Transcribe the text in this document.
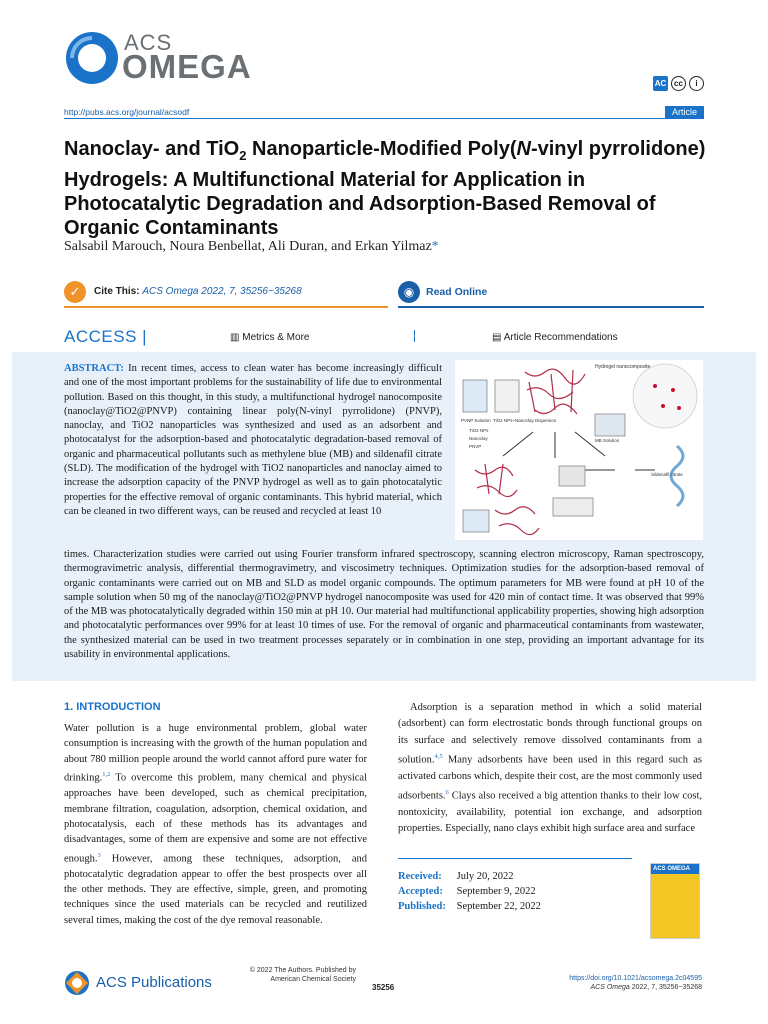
ACS
OMEGA	AC cc	i
http://pubs.acs.org/journal/acsodf	Article
Nanoclay- and TiO$_2$ Nanoparticle-Modified Poly(N-vinyl pyrrolidone) Hydrogels: A Multifunctional Material for Application in Photocatalytic Degradation and Adsorption-Based Removal of Organic Contaminants
Salsabil Marouch, Noura Benbellat, Ali Duran, and Erkan Yilmaz*
✓	Cite This: ACS Omega 2022, 7, 35256−35268	◉	Read Online
ACCESS |	▥ Metrics & More	▤ Article Recommendations
ABSTRACT: In recent times, access to clean water has become increasingly difficult and one of the most important problems for the sustainability of life due to environmental pollution. Based on this thought, in this study, a multifunctional hydrogel nanocomposite (nanoclay@TiO2@PNVP) containing linear poly(N-vinyl pyrrolidone) (PNVP), nanoclay, and TiO2 nanoparticles was synthesized and used as an adsorbent and photocatalyst for the adsorption-based and photocatalytic degradation-based removal of organic and pharmaceutical pollutants such as methylene blue (MB) and sildenafil citrate (SLD). The modification of the hydrogel with TiO2 nanoparticles and nanoclay aimed to increase the adsorption capacity of the PNVP hydrogel as well as to gain photocatalytic properties for the effective removal of organic contaminants. This hybrid material, which can be cleaned in two different ways, can be reused and recycled at least 10
times. Characterization studies were carried out using Fourier transform infrared spectroscopy, scanning electron microscopy, Raman spectroscopy, thermogravimetric analysis, differential thermogravimetry, and viscosimetry techniques. Optimization studies for the adsorption-based removal of organic contaminants were carried out on MB and SLD as model organic compounds. The optimum parameters for MB were found at pH 10 of the sample solution when 50 mg of the nanoclay@TiO2@PNVP hydrogel nanocomposite was used for 420 min of contact time. It was observed that 99% of the MB was photocatalytically degraded within 150 min at pH 10. Our material had multifunctional applicability properties, showing high adsorption and photocatalytic performances over 99% for at least 10 times of use. For the removal of organic and pharmaceutical contaminants from wastewater, the synthesized material can be used in two treatment processes separately or in combination in one step, providing an important advantage for its usability in environmental applications.
Hydrogel nanocomposite
PVNP Solution TiO2 NPs+Nanoclay Dispersion
TiO2 NPs
Nanoclay
PNVP
MB Solution
Sildenafil citrate
1. INTRODUCTION

Water pollution is a huge environmental problem, global water consumption is increasing with the growth of the human population and about 780 million people around the world cannot afford pure water for drinking.$^{1,2}$ To overcome this problem, many chemical and physical approaches have been developed, such as chemical precipitation, membrane filtration, coagulation, adsorption, chemical oxidation, and photocatalysis, each of these methods has its advantages and disadvantages, some of them are expensive and some are not effective enough.$^3$ However, among these techniques, adsorption, and photocatalytic degradation appear to offer the best prospects over all the other methods. They are effective, simple, green, and promoting techniques since the used materials can be recycled and reutilized several times, making the cost of the dye removal reasonable.

Adsorption is a separation method in which a solid material (adsorbent) can form electrostatic bonds through functional groups on its surface and selectively remove dissolved contaminants from a solution.$^{4,5}$ Many adsorbents have been used in this regard such as activated carbons which, despite their cost, are the most commonly used adsorbents.$^6$ Clays also received a big attention thanks to their low cost, nontoxicity, availability, potential ion exchange, and adsorption properties. Especially, nano clays exhibit high surface area and surface

Received: July 20, 2022
Accepted: September 9, 2022
Published: September 22, 2022
ACS OMEGA
ACS Publications
© 2022 The Authors. Published by
American Chemical Society
35256
https://doi.org/10.1021/acsomega.2c04595
ACS Omega 2022, 7, 35256−35268
